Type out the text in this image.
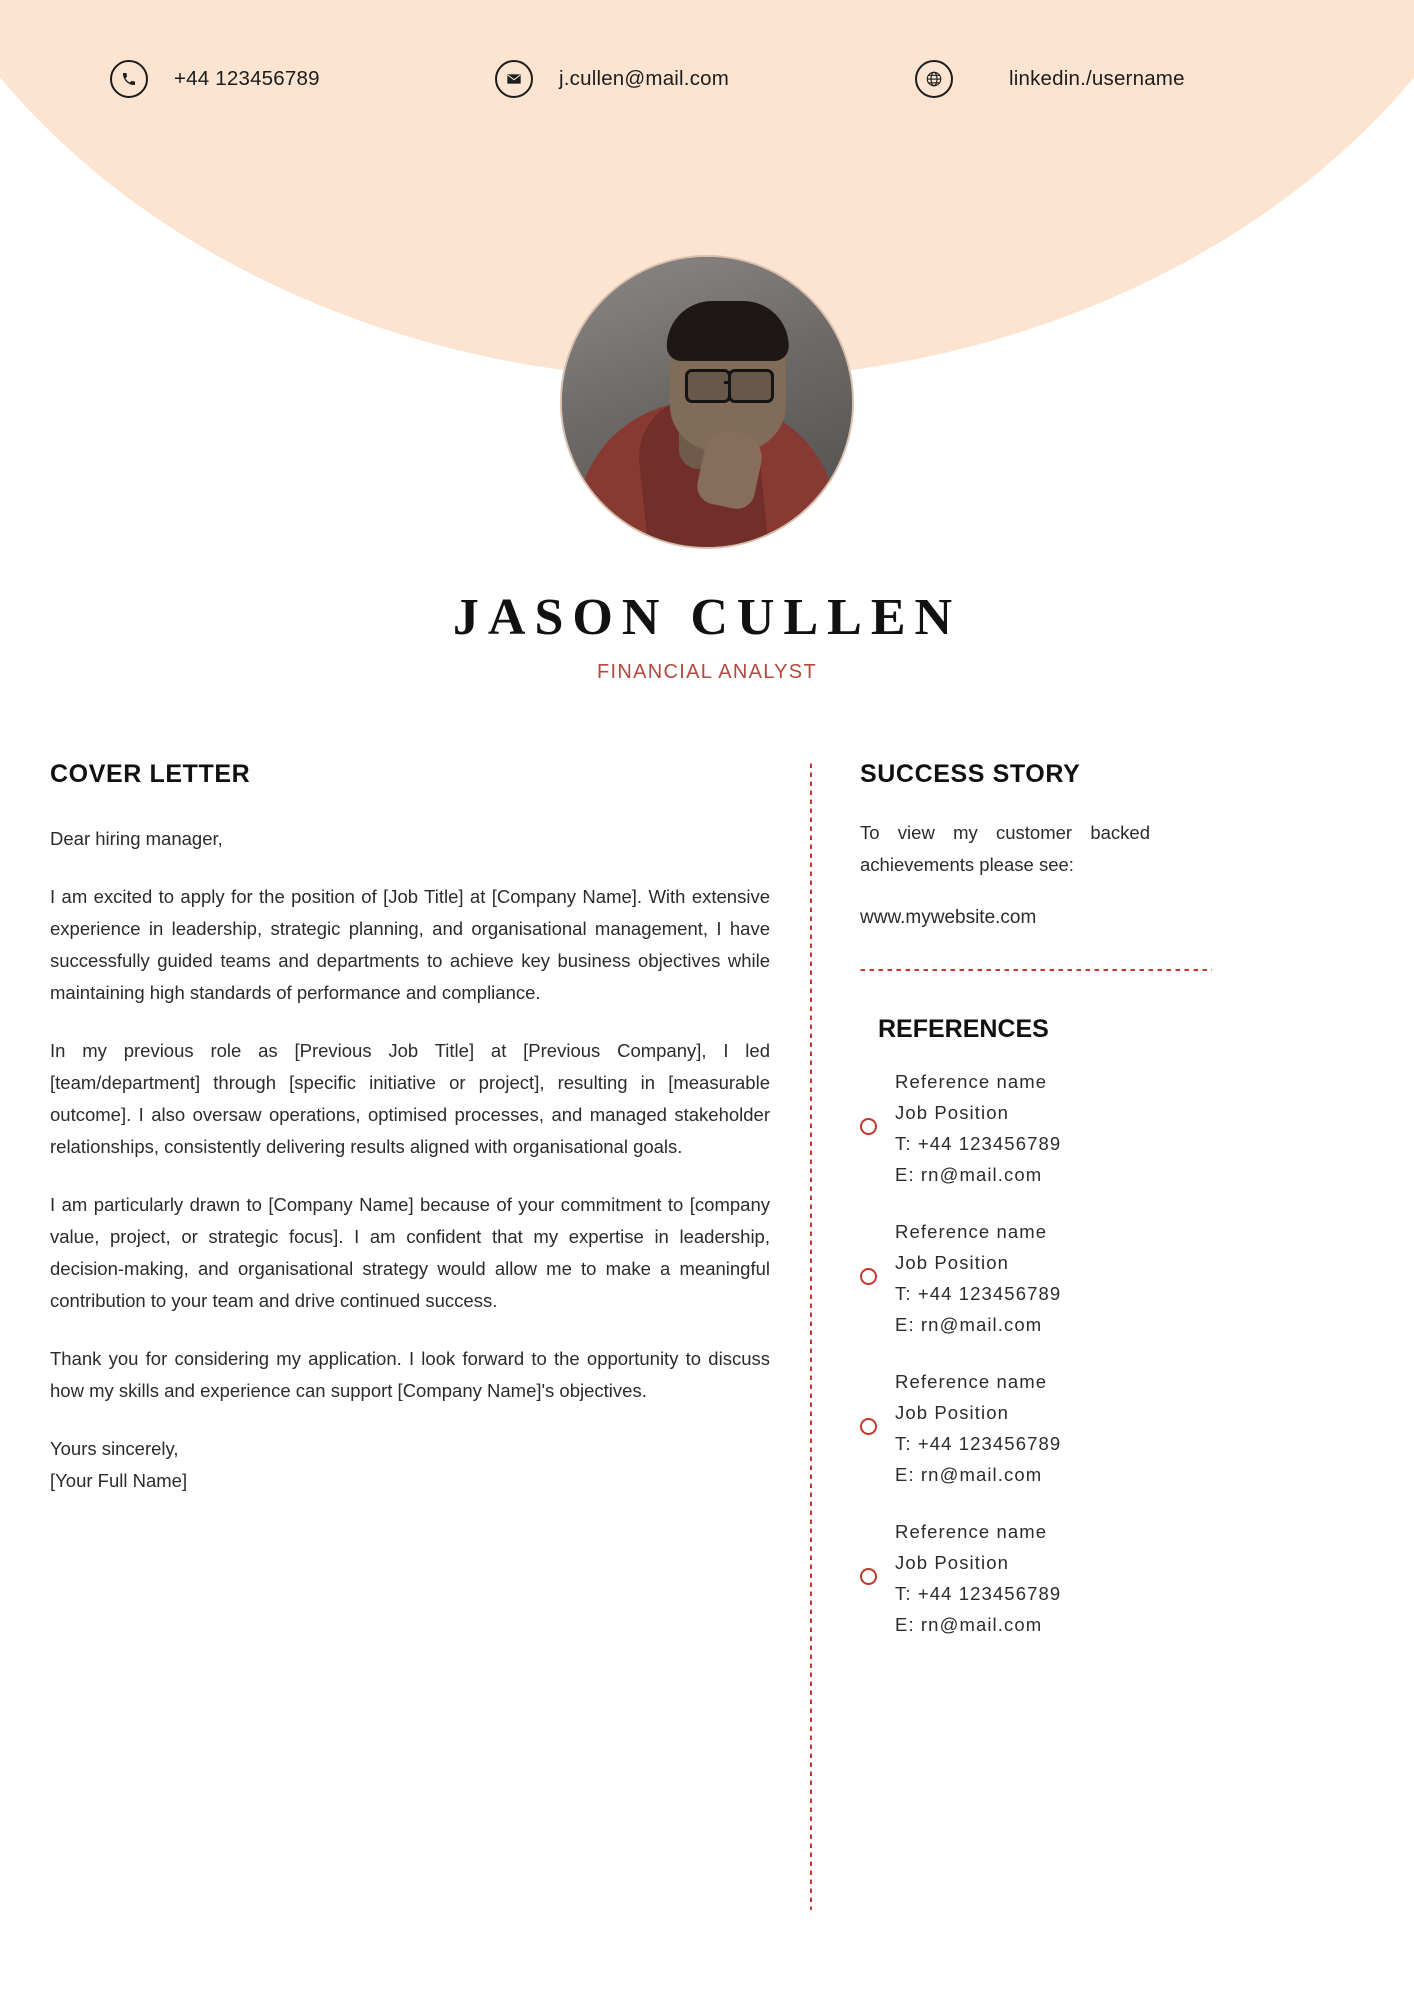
+44 123456789	j.cullen@mail.com	linkedin./username
JASON CULLEN
FINANCIAL ANALYST
COVER LETTER

Dear hiring manager,

I am excited to apply for the position of [Job Title] at [Company Name]. With extensive experience in leadership, strategic planning, and organisational management, I have successfully guided teams and departments to achieve key business objectives while maintaining high standards of performance and compliance.

In my previous role as [Previous Job Title] at [Previous Company], I led [team/department] through [specific initiative or project], resulting in [measurable outcome]. I also oversaw operations, optimised processes, and managed stakeholder relationships, consistently delivering results aligned with organisational goals.

I am particularly drawn to [Company Name] because of your commitment to [company value, project, or strategic focus]. I am confident that my expertise in leadership, decision-making, and organisational strategy would allow me to make a meaningful contribution to your team and drive continued success.

Thank you for considering my application. I look forward to the opportunity to discuss how my skills and experience can support [Company Name]'s objectives.

Yours sincerely,

[Your Full Name]

SUCCESS STORY

To view my customer backed achievements please see:

www.mywebsite.com

REFERENCES
Reference name
Job Position
T: +44 123456789
E: rn@mail.com
Reference name
Job Position
T: +44 123456789
E: rn@mail.com
Reference name
Job Position
T: +44 123456789
E: rn@mail.com
Reference name
Job Position
T: +44 123456789
E: rn@mail.com
